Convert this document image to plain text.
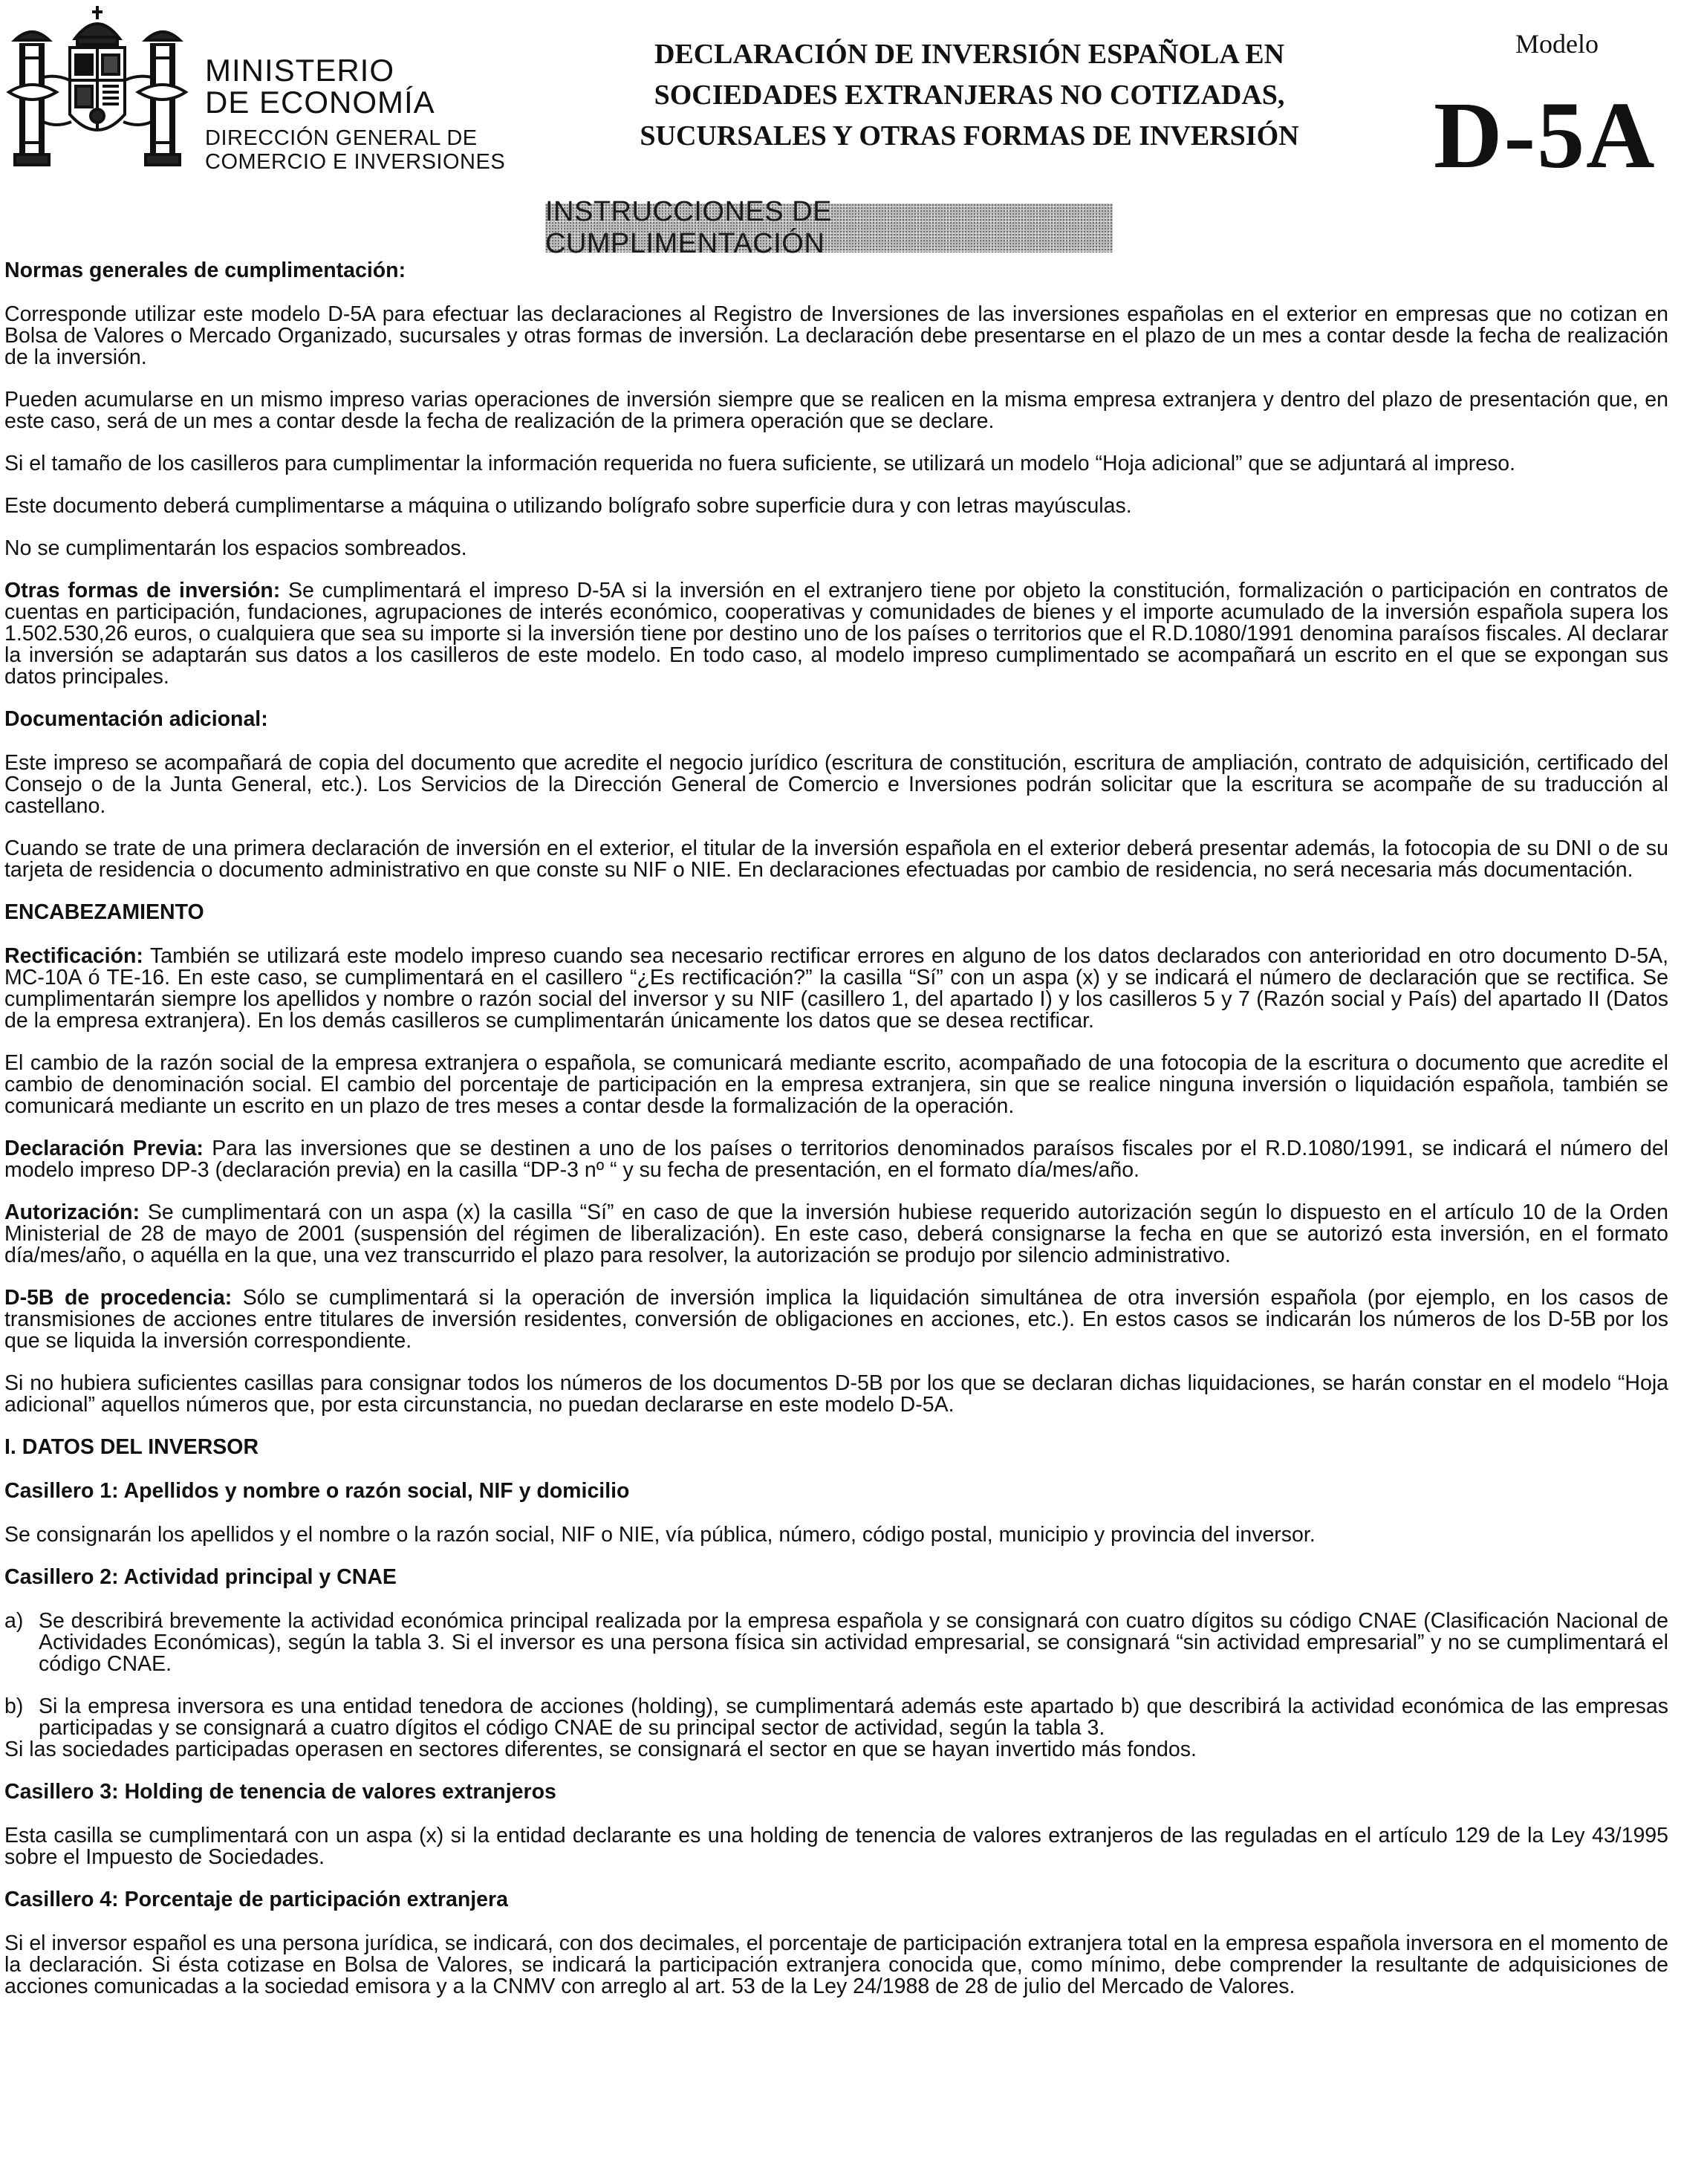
MINISTERIO
DE ECONOMÍA
DIRECCIÓN GENERAL DE
COMERCIO E INVERSIONES
DECLARACIÓN DE INVERSIÓN ESPAÑOLA EN
SOCIEDADES EXTRANJERAS NO COTIZADAS,
SUCURSALES Y OTRAS FORMAS DE INVERSIÓN
Modelo
D-5A
INSTRUCCIONES DE CUMPLIMENTACIÓN

Normas generales de cumplimentación:

Corresponde utilizar este modelo D-5A para efectuar las declaraciones al Registro de Inversiones de las inversiones españolas en el exterior en empresas que no cotizan en Bolsa de Valores o Mercado Organizado, sucursales y otras formas de inversión. La declaración debe presentarse en el plazo de un mes a contar desde la fecha de realización de la inversión.

Pueden acumularse en un mismo impreso varias operaciones de inversión siempre que se realicen en la misma empresa extranjera y dentro del plazo de presentación que, en este caso, será de un mes a contar desde la fecha de realización de la primera operación que se declare.

Si el tamaño de los casilleros para cumplimentar la información requerida no fuera suficiente, se utilizará un modelo “Hoja adicional” que se adjuntará al impreso.

Este documento deberá cumplimentarse a máquina o utilizando bolígrafo sobre superficie dura y con letras mayúsculas.

No se cumplimentarán los espacios sombreados.

Otras formas de inversión: Se cumplimentará el impreso D-5A si la inversión en el extranjero tiene por objeto la constitución, formalización o participación en contratos de cuentas en participación, fundaciones, agrupaciones de interés económico, cooperativas y comunidades de bienes y el importe acumulado de la inversión española supera los 1.502.530,26 euros, o cualquiera que sea su importe si la inversión tiene por destino uno de los países o territorios que el R.D.1080/1991 denomina paraísos fiscales. Al declarar la inversión se adaptarán sus datos a los casilleros de este modelo. En todo caso, al modelo impreso cumplimentado se acompañará un escrito en el que se expongan sus datos principales.

Documentación adicional:

Este impreso se acompañará de copia del documento que acredite el negocio jurídico (escritura de constitución, escritura de ampliación, contrato de adquisición, certificado del Consejo o de la Junta General, etc.). Los Servicios de la Dirección General de Comercio e Inversiones podrán solicitar que la escritura se acompañe de su traducción al castellano.

Cuando se trate de una primera declaración de inversión en el exterior, el titular de la inversión española en el exterior deberá presentar además, la fotocopia de su DNI o de su tarjeta de residencia o documento administrativo en que conste su NIF o NIE. En declaraciones efectuadas por cambio de residencia, no será necesaria más documentación.

ENCABEZAMIENTO

Rectificación: También se utilizará este modelo impreso cuando sea necesario rectificar errores en alguno de los datos declarados con anterioridad en otro documento D-5A, MC-10A ó TE-16. En este caso, se cumplimentará en el casillero “¿Es rectificación?” la casilla “Sí” con un aspa (x) y se indicará el número de declaración que se rectifica. Se cumplimentarán siempre los apellidos y nombre o razón social del inversor y su NIF (casillero 1, del apartado I) y los casilleros 5 y 7 (Razón social y País) del apartado II (Datos de la empresa extranjera). En los demás casilleros se cumplimentarán únicamente los datos que se desea rectificar.

El cambio de la razón social de la empresa extranjera o española, se comunicará mediante escrito, acompañado de una fotocopia de la escritura o documento que acredite el cambio de denominación social. El cambio del porcentaje de participación en la empresa extranjera, sin que se realice ninguna inversión o liquidación española, también se comunicará mediante un escrito en un plazo de tres meses a contar desde la formalización de la operación.

Declaración Previa: Para las inversiones que se destinen a uno de los países o territorios denominados paraísos fiscales por el R.D.1080/1991, se indicará el número del modelo impreso DP-3 (declaración previa) en la casilla “DP-3 nº “ y su fecha de presentación, en el formato día/mes/año.

Autorización: Se cumplimentará con un aspa (x) la casilla “Sí” en caso de que la inversión hubiese requerido autorización según lo dispuesto en el artículo 10 de la Orden Ministerial de 28 de mayo de 2001 (suspensión del régimen de liberalización). En este caso, deberá consignarse la fecha en que se autorizó esta inversión, en el formato día/mes/año, o aquélla en la que, una vez transcurrido el plazo para resolver, la autorización se produjo por silencio administrativo.

D-5B de procedencia: Sólo se cumplimentará si la operación de inversión implica la liquidación simultánea de otra inversión española (por ejemplo, en los casos de transmisiones de acciones entre titulares de inversión residentes, conversión de obligaciones en acciones, etc.). En estos casos se indicarán los números de los D-5B por los que se liquida la inversión correspondiente.

Si no hubiera suficientes casillas para consignar todos los números de los documentos D-5B por los que se declaran dichas liquidaciones, se harán constar en el modelo “Hoja adicional” aquellos números que, por esta circunstancia, no puedan declararse en este modelo D-5A.

I. DATOS DEL INVERSOR

Casillero 1: Apellidos y nombre o razón social, NIF y domicilio

Se consignarán los apellidos y el nombre o la razón social, NIF o NIE, vía pública, número, código postal, municipio y provincia del inversor.

Casillero 2: Actividad principal y CNAE

a) Se describirá brevemente la actividad económica principal realizada por la empresa española y se consignará con cuatro dígitos su código CNAE (Clasificación Nacional de Actividades Económicas), según la tabla 3. Si el inversor es una persona física sin actividad empresarial, se consignará “sin actividad empresarial” y no se cumplimentará el código CNAE.
b) Si la empresa inversora es una entidad tenedora de acciones (holding), se cumplimentará además este apartado b) que describirá la actividad económica de las empresas participadas y se consignará a cuatro dígitos el código CNAE de su principal sector de actividad, según la tabla 3.

Si las sociedades participadas operasen en sectores diferentes, se consignará el sector en que se hayan invertido más fondos.

Casillero 3: Holding de tenencia de valores extranjeros

Esta casilla se cumplimentará con un aspa (x) si la entidad declarante es una holding de tenencia de valores extranjeros de las reguladas en el artículo 129 de la Ley 43/1995 sobre el Impuesto de Sociedades.

Casillero 4: Porcentaje de participación extranjera

Si el inversor español es una persona jurídica, se indicará, con dos decimales, el porcentaje de participación extranjera total en la empresa española inversora en el momento de la declaración. Si ésta cotizase en Bolsa de Valores, se indicará la participación extranjera conocida que, como mínimo, debe comprender la resultante de adquisiciones de acciones comunicadas a la sociedad emisora y a la CNMV con arreglo al art. 53 de la Ley 24/1988 de 28 de julio del Mercado de Valores.
